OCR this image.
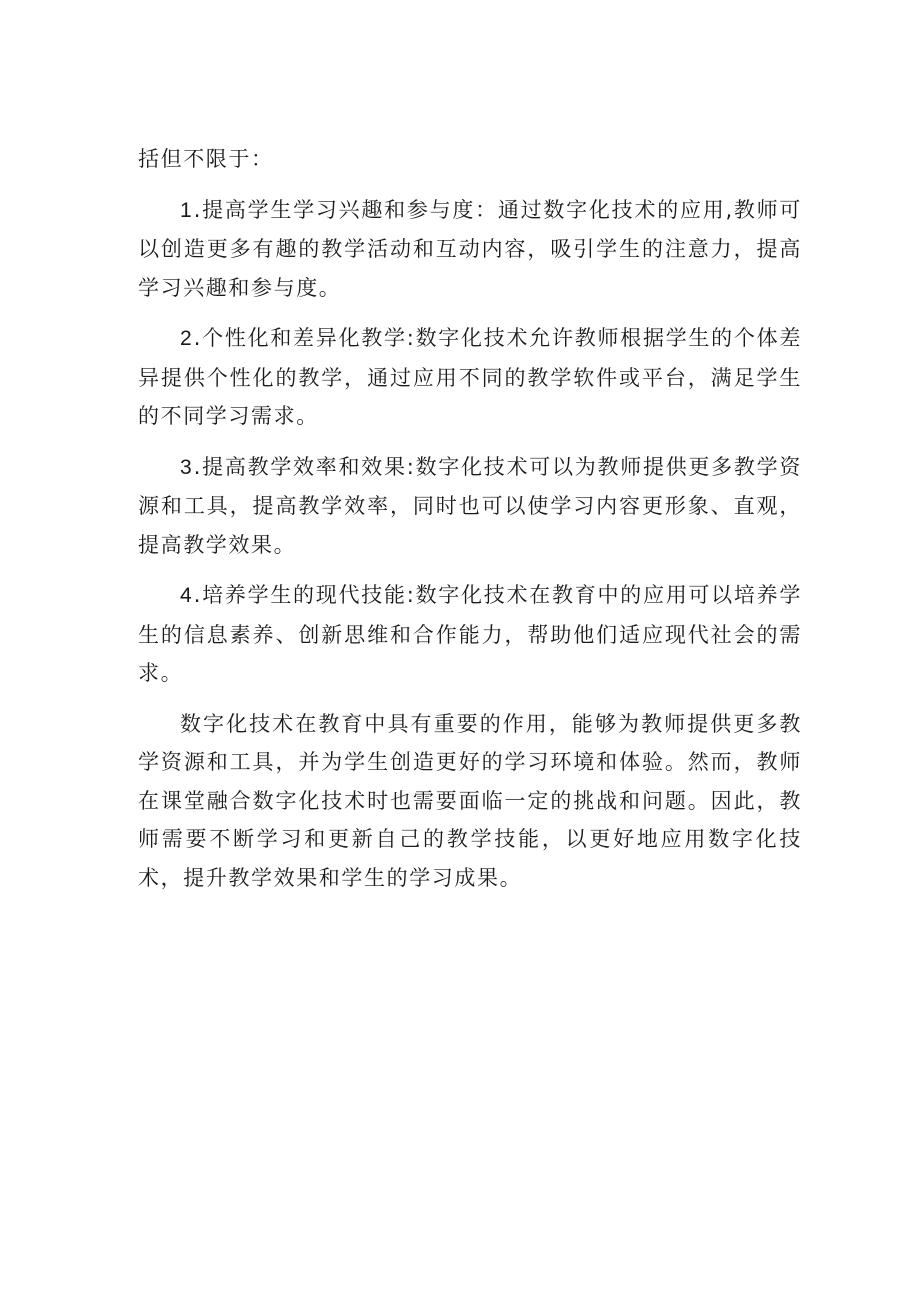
括但不限于：

1.提高学生学习兴趣和参与度：通过数字化技术的应用,教师可以创造更多有趣的教学活动和互动内容，吸引学生的注意力，提高学习兴趣和参与度。

2.个性化和差异化教学:数字化技术允许教师根据学生的个体差异提供个性化的教学，通过应用不同的教学软件或平台，满足学生的不同学习需求。

3.提高教学效率和效果:数字化技术可以为教师提供更多教学资源和工具，提高教学效率，同时也可以使学习内容更形象、直观，提高教学效果。

4.培养学生的现代技能:数字化技术在教育中的应用可以培养学生的信息素养、创新思维和合作能力，帮助他们适应现代社会的需求。

数字化技术在教育中具有重要的作用，能够为教师提供更多教学资源和工具，并为学生创造更好的学习环境和体验。然而，教师在课堂融合数字化技术时也需要面临一定的挑战和问题。因此，教师需要不断学习和更新自己的教学技能，以更好地应用数字化技术，提升教学效果和学生的学习成果。
